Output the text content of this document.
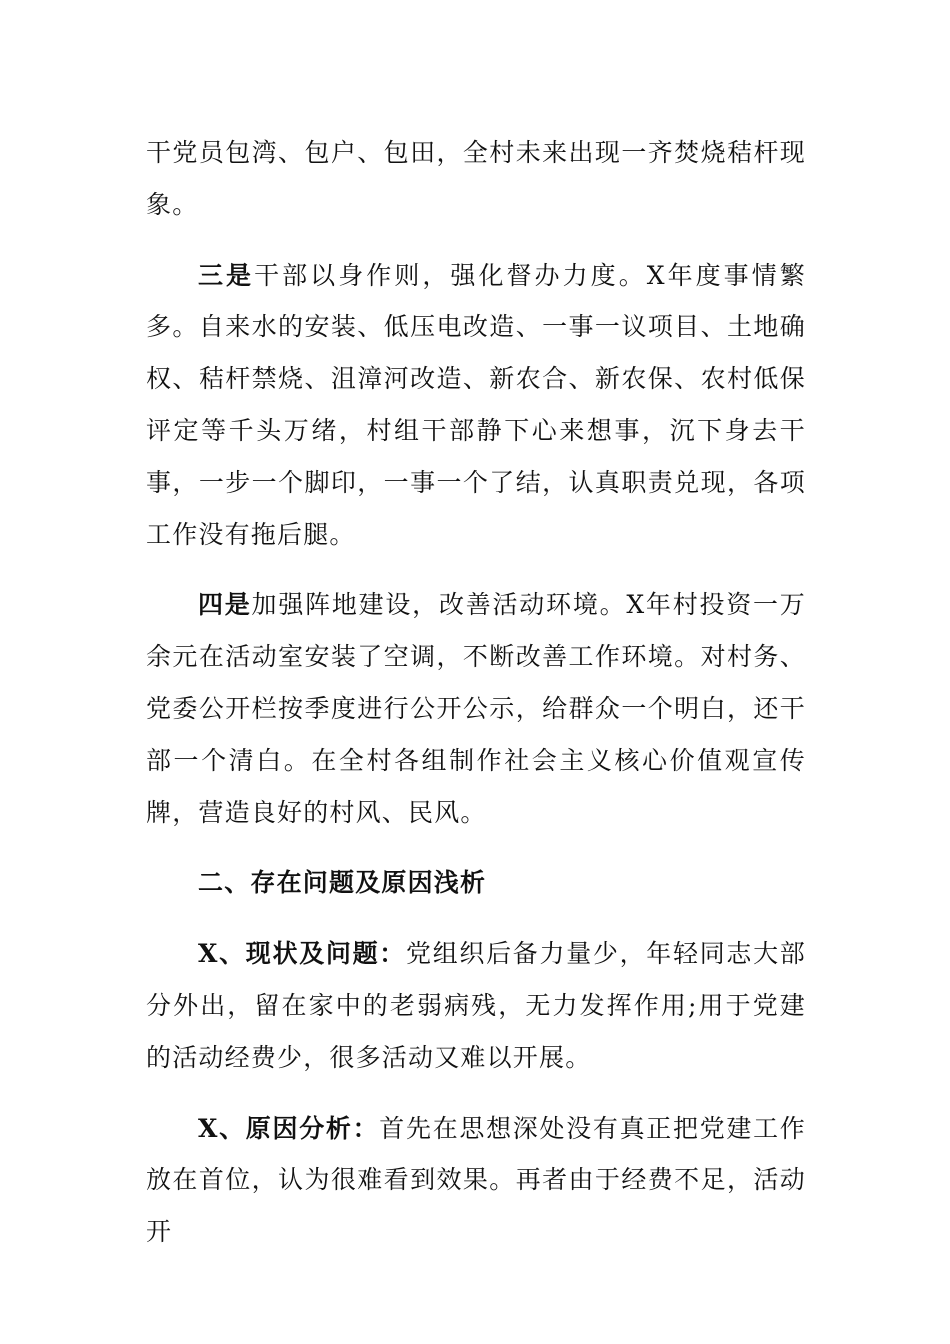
干党员包湾、包户、包田，全村未来出现一齐焚烧秸杆现象。

三是干部以身作则，强化督办力度。X年度事情繁多。自来水的安装、低压电改造、一事一议项目、土地确权、秸杆禁烧、沮漳河改造、新农合、新农保、农村低保评定等千头万绪，村组干部静下心来想事，沉下身去干事，一步一个脚印，一事一个了结，认真职责兑现，各项工作没有拖后腿。

四是加强阵地建设，改善活动环境。X年村投资一万余元在活动室安装了空调，不断改善工作环境。对村务、党委公开栏按季度进行公开公示，给群众一个明白，还干部一个清白。在全村各组制作社会主义核心价值观宣传牌，营造良好的村风、民风。

二、存在问题及原因浅析

X、现状及问题：党组织后备力量少，年轻同志大部分外出，留在家中的老弱病残，无力发挥作用;用于党建的活动经费少，很多活动又难以开展。

X、原因分析：首先在思想深处没有真正把党建工作放在首位，认为很难看到效果。再者由于经费不足，活动开
